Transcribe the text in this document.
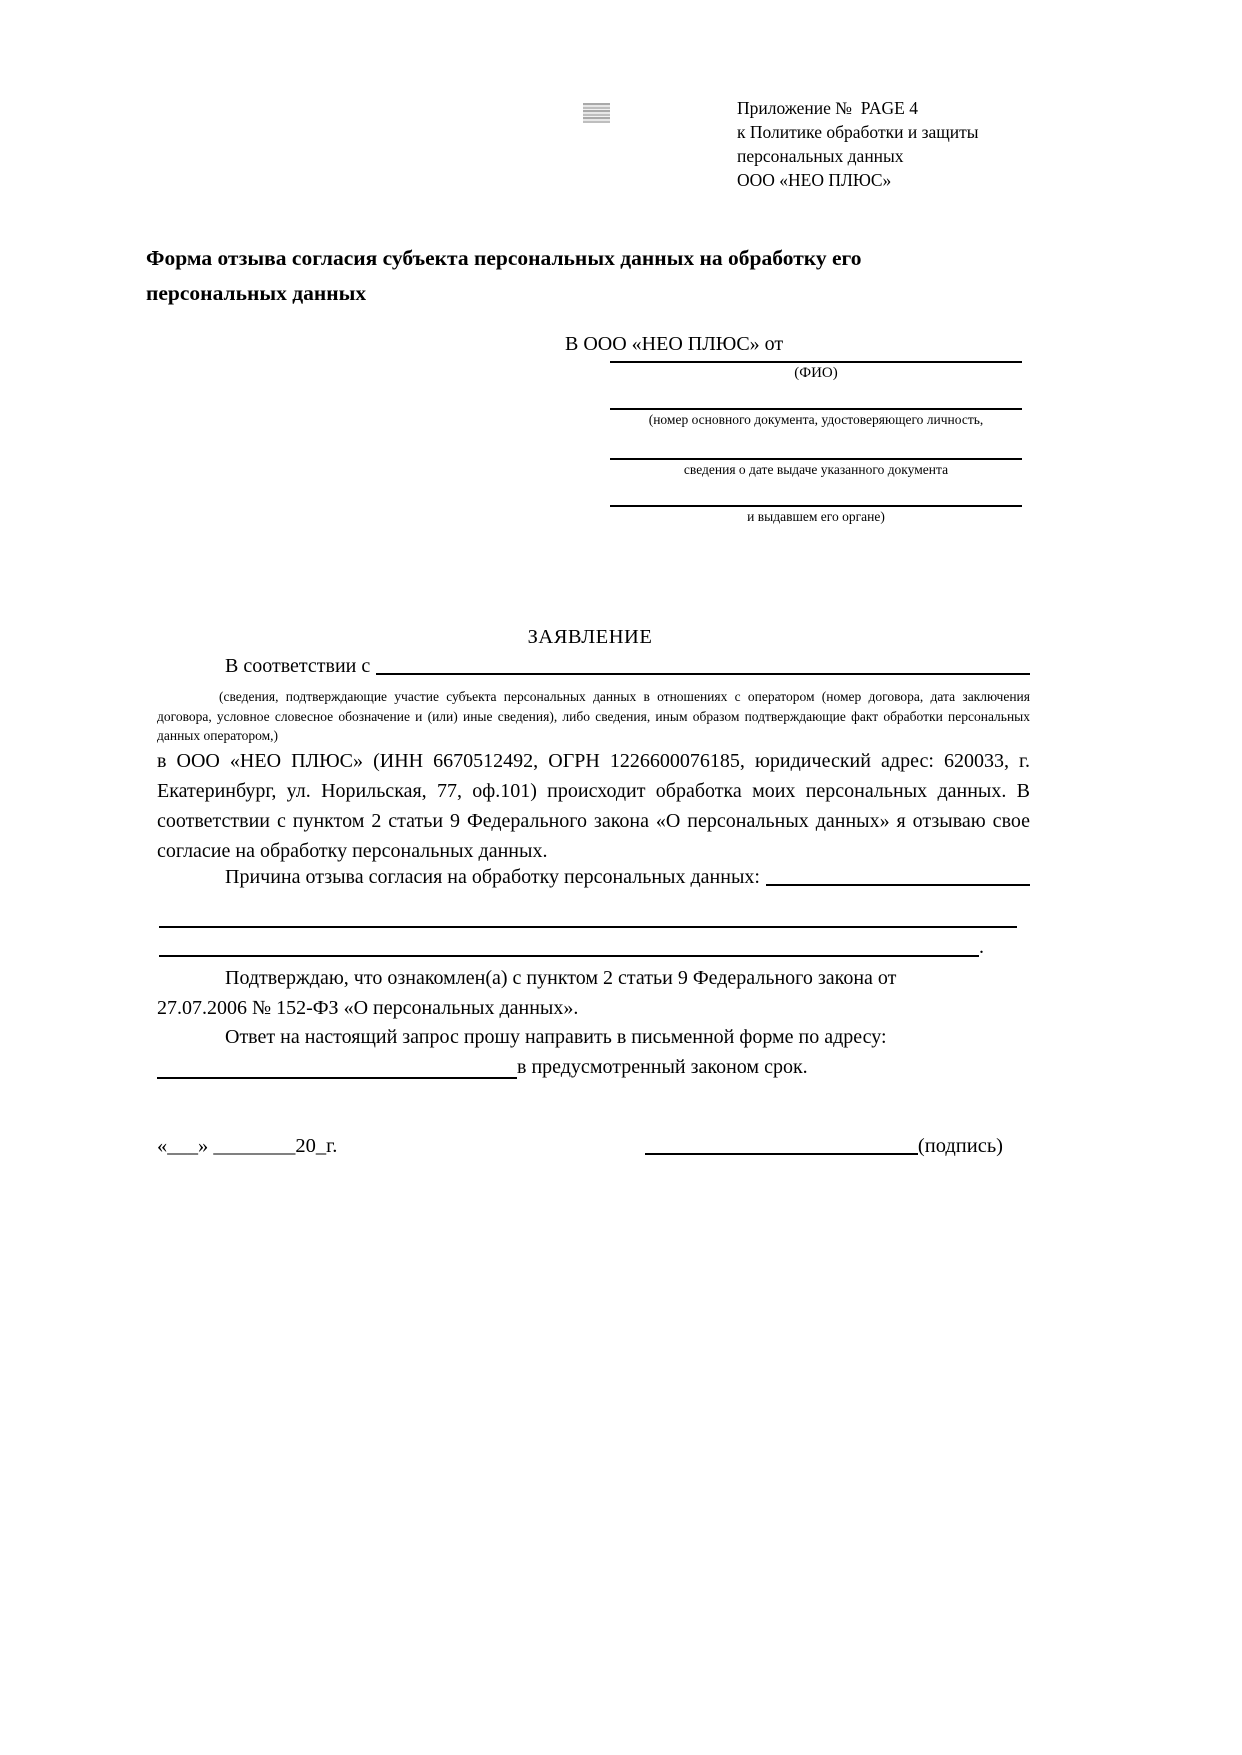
Приложение №  PAGE 4
к Политике обработки и защиты
персональных данных
ООО «НЕО ПЛЮС»
Форма отзыва согласия субъекта персональных данных на обработку его
персональных данных
В ООО «НЕО ПЛЮС» от
(ФИО)
(номер основного документа, удостоверяющего личность,
сведения о дате выдаче указанного документа
и выдавшем его органе)
ЗАЯВЛЕНИЕ
В соответствии с
(сведения, подтверждающие участие субъекта персональных данных в отношениях с оператором (номер договора, дата заключения договора, условное словесное обозначение и (или) иные сведения), либо сведения, иным образом подтверждающие факт обработки персональных данных оператором,)
в ООО «НЕО ПЛЮС» (ИНН 6670512492, ОГРН 1226600076185, юридический адрес: 620033, г. Екатеринбург, ул. Норильская, 77, оф.101) происходит обработка моих персональных данных. В соответствии с пунктом 2 статьи 9 Федерального закона «О персональных данных» я отзываю свое согласие на обработку персональных данных.
Причина отзыва согласия на обработку персональных данных:
.
Подтверждаю, что ознакомлен(а) с пунктом 2 статьи 9 Федерального закона от
27.07.2006 № 152-ФЗ «О персональных данных».
Ответ на настоящий запрос прошу направить в письменной форме по адресу:
в предусмотренный законом срок.
«___» ________20_г.	(подпись)
